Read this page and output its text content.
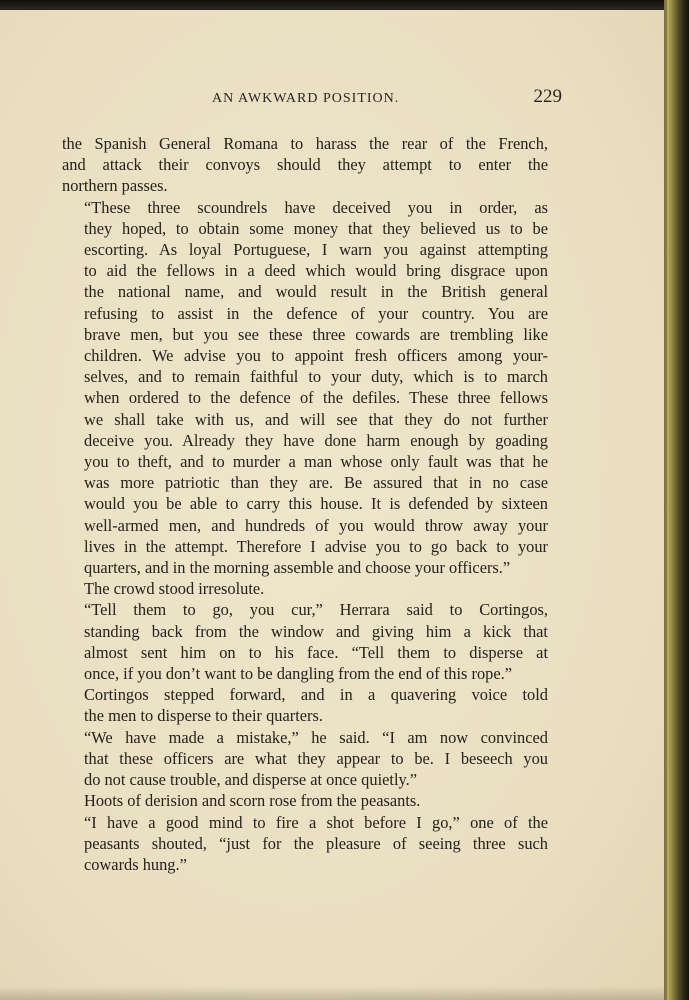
AN AWKWARD POSITION.	229

the Spanish General Romana to harass the rear of the French,
and attack their convoys should they attempt to enter the
northern passes.

“These three scoundrels have deceived you in order, as
they hoped, to obtain some money that they believed us to be
escorting. As loyal Portuguese, I warn you against attempting
to aid the fellows in a deed which would bring disgrace upon
the national name, and would result in the British general
refusing to assist in the defence of your country. You are
brave men, but you see these three cowards are trembling like
children. We advise you to appoint fresh officers among your-
selves, and to remain faithful to your duty, which is to march
when ordered to the defence of the defiles. These three fellows
we shall take with us, and will see that they do not further
deceive you. Already they have done harm enough by goading
you to theft, and to murder a man whose only fault was that he
was more patriotic than they are. Be assured that in no case
would you be able to carry this house. It is defended by sixteen
well-armed men, and hundreds of you would throw away your
lives in the attempt. Therefore I advise you to go back to your
quarters, and in the morning assemble and choose your officers.”

The crowd stood irresolute.

“Tell them to go, you cur,” Herrara said to Cortingos,
standing back from the window and giving him a kick that
almost sent him on to his face. “Tell them to disperse at
once, if you don’t want to be dangling from the end of this rope.”

Cortingos stepped forward, and in a quavering voice told
the men to disperse to their quarters.

“We have made a mistake,” he said. “I am now convinced
that these officers are what they appear to be. I beseech you
do not cause trouble, and disperse at once quietly.”

Hoots of derision and scorn rose from the peasants.

“I have a good mind to fire a shot before I go,” one of the
peasants shouted, “just for the pleasure of seeing three such
cowards hung.”
